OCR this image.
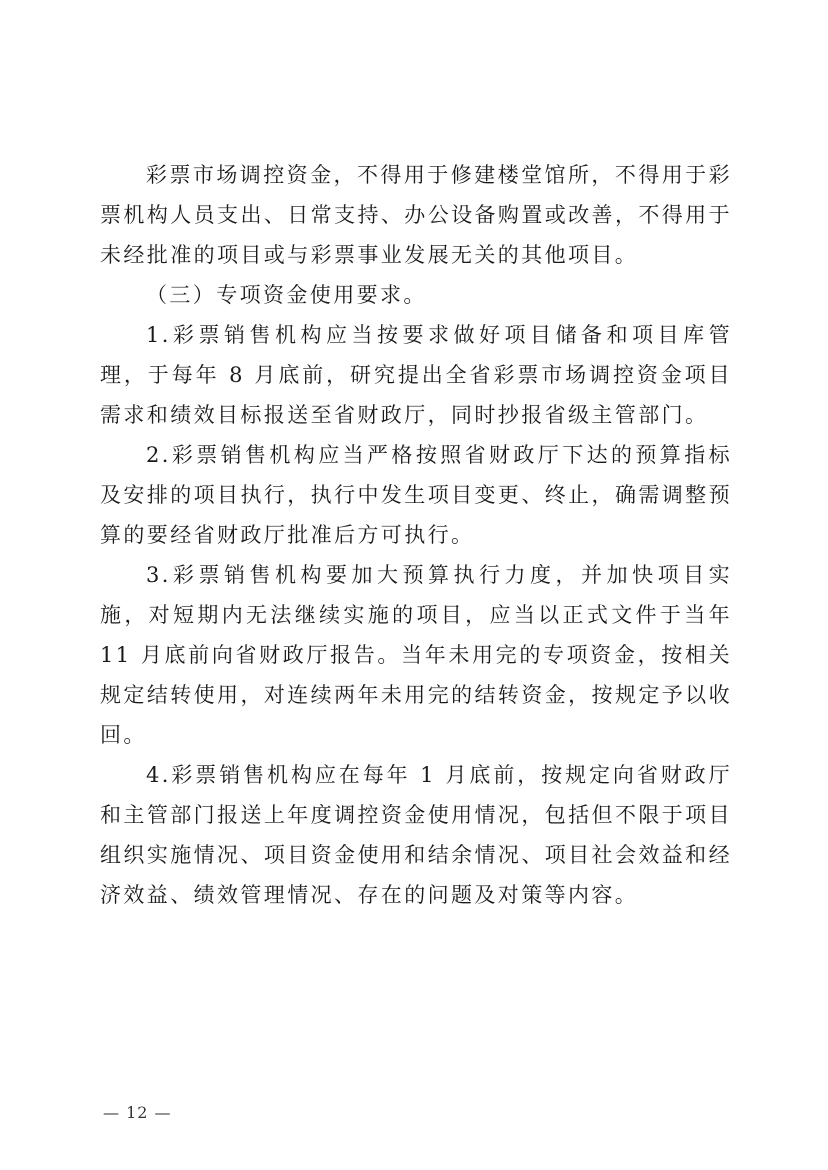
彩票市场调控资金，不得用于修建楼堂馆所，不得用于彩票机构人员支出、日常支持、办公设备购置或改善，不得用于未经批准的项目或与彩票事业发展无关的其他项目。

（三）专项资金使用要求。

1.彩票销售机构应当按要求做好项目储备和项目库管理，于每年 8 月底前，研究提出全省彩票市场调控资金项目需求和绩效目标报送至省财政厅，同时抄报省级主管部门。

2.彩票销售机构应当严格按照省财政厅下达的预算指标及安排的项目执行，执行中发生项目变更、终止，确需调整预算的要经省财政厅批准后方可执行。

3.彩票销售机构要加大预算执行力度，并加快项目实施，对短期内无法继续实施的项目，应当以正式文件于当年 11 月底前向省财政厅报告。当年未用完的专项资金，按相关规定结转使用，对连续两年未用完的结转资金，按规定予以收回。

4.彩票销售机构应在每年 1 月底前，按规定向省财政厅和主管部门报送上年度调控资金使用情况，包括但不限于项目组织实施情况、项目资金使用和结余情况、项目社会效益和经济效益、绩效管理情况、存在的问题及对策等内容。

— 12 —
